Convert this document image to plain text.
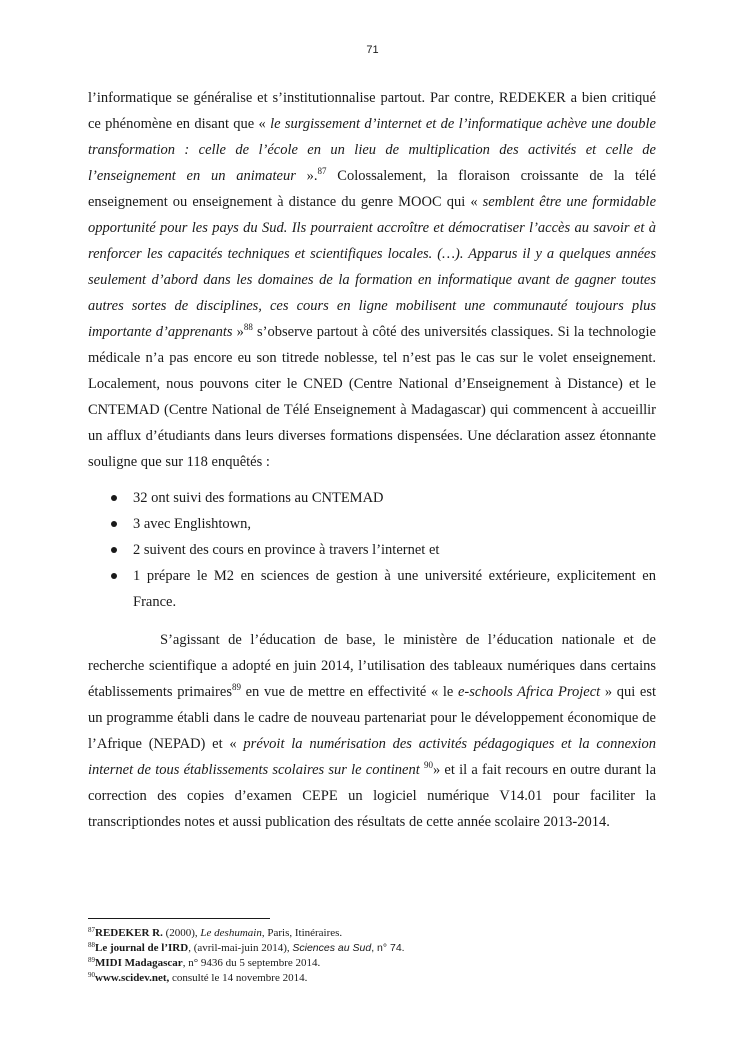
71

l’informatique se généralise et s’institutionnalise partout. Par contre, REDEKER a bien critiqué ce phénomène en disant que « le surgissement d’internet et de l’informatique achève une double transformation : celle de l’école en un lieu de multiplication des activités et celle de l’enseignement en un animateur ».$^{87}$ Colossalement, la floraison croissante de la télé enseignement ou enseignement à distance du genre MOOC qui « semblent être une formidable opportunité pour les pays du Sud. Ils pourraient accroître et démocratiser l’accès au savoir et à renforcer les capacités techniques et scientifiques locales. (…). Apparus il y a quelques années seulement d’abord dans les domaines de la formation en informatique avant de gagner toutes autres sortes de disciplines, ces cours en ligne mobilisent une communauté toujours plus importante d’apprenants »$^{88}$ s’observe partout à côté des universités classiques. Si la technologie médicale n’a pas encore eu son titrede noblesse, tel n’est pas le cas sur le volet enseignement. Localement, nous pouvons citer le CNED (Centre National d’Enseignement à Distance) et le CNTEMAD (Centre National de Télé Enseignement à Madagascar) qui commencent à accueillir un afflux d’étudiants dans leurs diverses formations dispensées. Une déclaration assez étonnante souligne que sur 118 enquêtés :

32 ont suivi des formations au CNTEMAD
3 avec Englishtown,
2 suivent des cours en province à travers l’internet et
1 prépare le M2 en sciences de gestion à une université extérieure, explicitement en France.

S’agissant de l’éducation de base, le ministère de l’éducation nationale et de recherche scientifique a adopté en juin 2014, l’utilisation des tableaux numériques dans certains établissements primaires$^{89}$ en vue de mettre en effectivité « le e-schools Africa Project » qui est un programme établi dans le cadre de nouveau partenariat pour le développement économique de l’Afrique (NEPAD) et « prévoit la numérisation des activités pédagogiques et la connexion internet de tous établissements scolaires sur le continent $^{90}$» et il a fait recours en outre durant la correction des copies d’examen CEPE un logiciel numérique V14.01 pour faciliter la transcriptiondes notes et aussi publication des résultats de cette année scolaire 2013-2014.

$^{87}$REDEKER R. (2000), Le deshumain, Paris, Itinéraires.

$^{88}$Le journal de l’IRD, (avril-mai-juin 2014), Sciences au Sud, n° 74.

$^{89}$MIDI Madagascar, n° 9436 du 5 septembre 2014.

$^{90}$www.scidev.net, consulté le 14 novembre 2014.
